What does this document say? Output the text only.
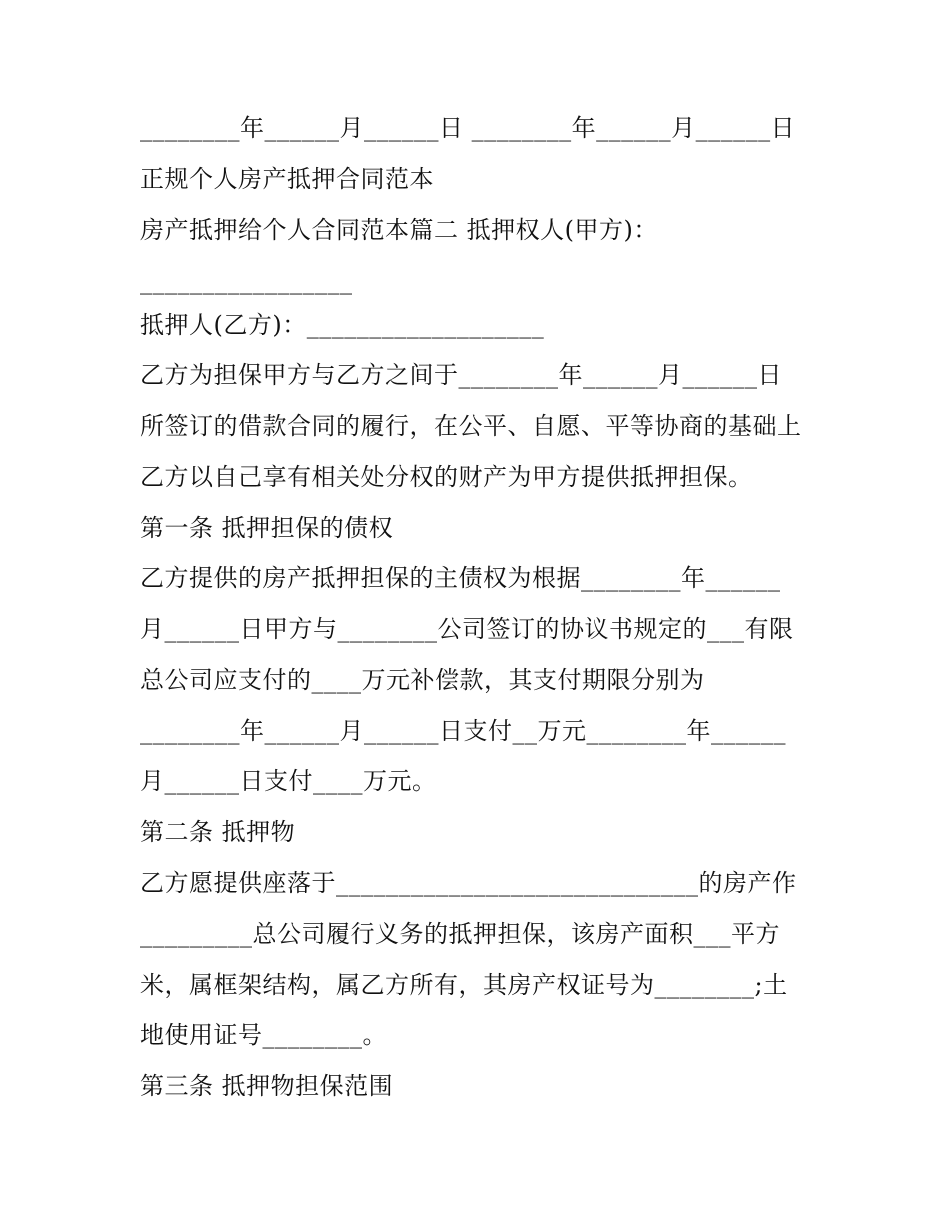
________年______月______日 ________年______月______日
正规个人房产抵押合同范本
房产抵押给个人合同范本篇二 抵押权人(甲方)：
_________________
抵押人(乙方)：___________________
乙方为担保甲方与乙方之间于________年______月______日
所签订的借款合同的履行，在公平、自愿、平等协商的基础上
乙方以自己享有相关处分权的财产为甲方提供抵押担保。
第一条 抵押担保的债权
乙方提供的房产抵押担保的主债权为根据________年______
月______日甲方与________公司签订的协议书规定的___有限
总公司应支付的____万元补偿款，其支付期限分别为
________年______月______日支付__万元________年______
月______日支付____万元。
第二条 抵押物
乙方愿提供座落于_____________________________的房产作
_________总公司履行义务的抵押担保，该房产面积___平方
米，属框架结构，属乙方所有，其房产权证号为________;土
地使用证号________。
第三条 抵押物担保范围
